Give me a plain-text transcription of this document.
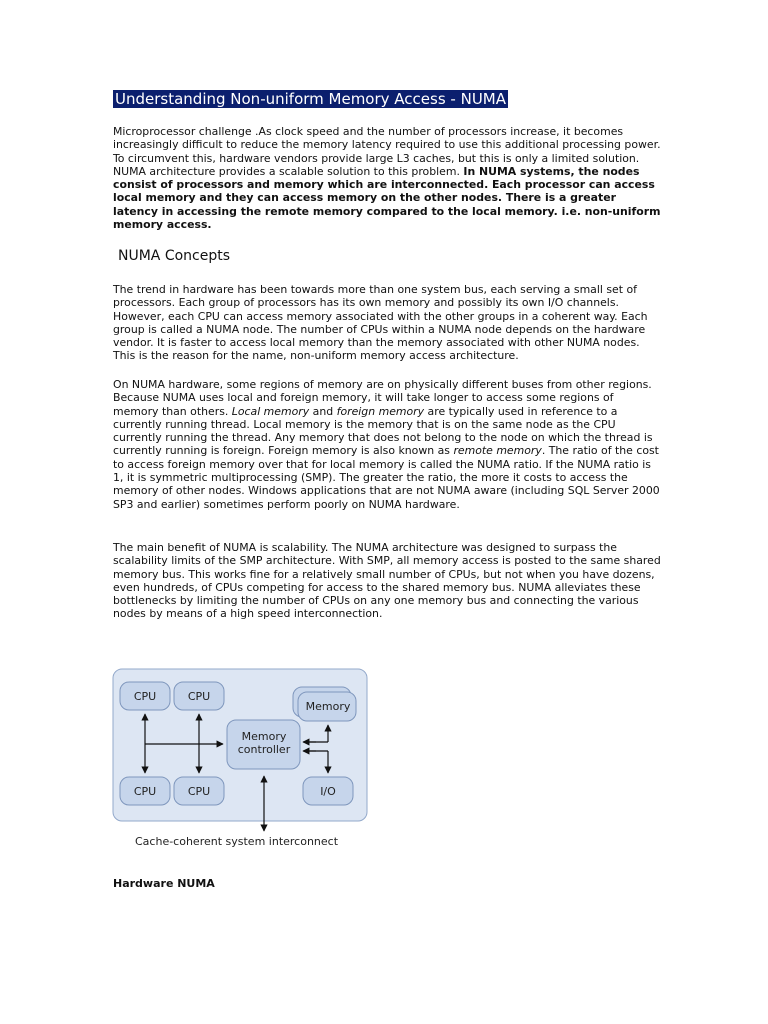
Understanding Non-uniform Memory Access - NUMA

Microprocessor challenge .As clock speed and the number of processors increase, it becomes increasingly difficult to reduce the memory latency required to use this additional processing power. To circumvent this, hardware vendors provide large L3 caches, but this is only a limited solution. NUMA architecture provides a scalable solution to this problem. In NUMA systems, the nodes consist of processors and memory which are interconnected. Each processor can access local memory and they can access memory on the other nodes. There is a greater latency in accessing the remote memory compared to the local memory. i.e. non-uniform memory access.

NUMA Concepts

The trend in hardware has been towards more than one system bus, each serving a small set of processors. Each group of processors has its own memory and possibly its own I/O channels. However, each CPU can access memory associated with the other groups in a coherent way. Each group is called a NUMA node. The number of CPUs within a NUMA node depends on the hardware vendor. It is faster to access local memory than the memory associated with other NUMA nodes. This is the reason for the name, non-uniform memory access architecture.

On NUMA hardware, some regions of memory are on physically different buses from other regions. Because NUMA uses local and foreign memory, it will take longer to access some regions of memory than others. Local memory and foreign memory are typically used in reference to a currently running thread. Local memory is the memory that is on the same node as the CPU currently running the thread. Any memory that does not belong to the node on which the thread is currently running is foreign. Foreign memory is also known as remote memory. The ratio of the cost to access foreign memory over that for local memory is called the NUMA ratio. If the NUMA ratio is 1, it is symmetric multiprocessing (SMP). The greater the ratio, the more it costs to access the memory of other nodes. Windows applications that are not NUMA aware (including SQL Server 2000 SP3 and earlier) sometimes perform poorly on NUMA hardware.

The main benefit of NUMA is scalability. The NUMA architecture was designed to surpass the scalability limits of the SMP architecture. With SMP, all memory access is posted to the same shared memory bus. This works fine for a relatively small number of CPUs, but not when you have dozens, even hundreds, of CPUs competing for access to the shared memory bus. NUMA alleviates these bottlenecks by limiting the number of CPUs on any one memory bus and connecting the various nodes by means of a high speed interconnection.

CPU	CPU
Memory
Memory
controller
CPU	CPU	I/O
Cache-coherent system interconnect

Hardware NUMA
